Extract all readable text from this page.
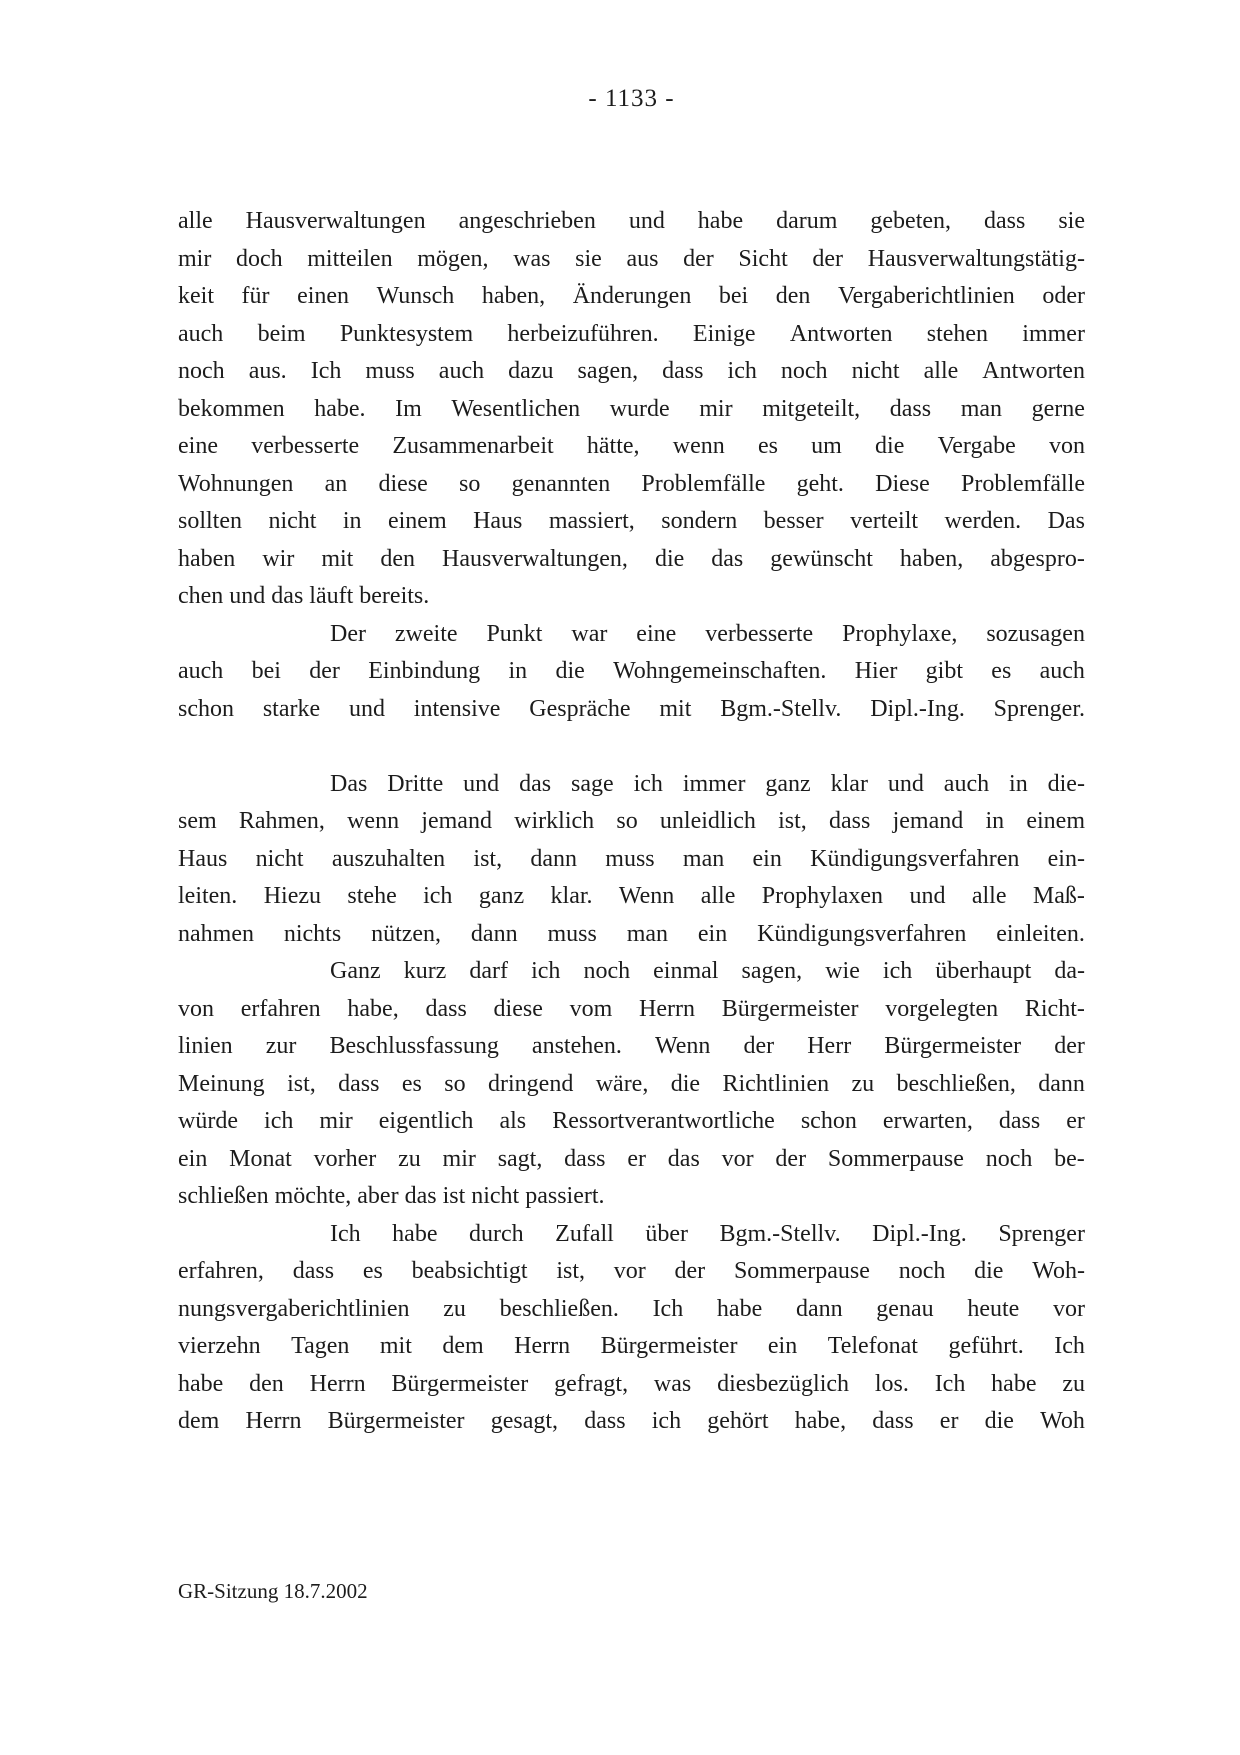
- 1133 -
alle Hausverwaltungen angeschrieben und habe darum gebeten, dass sie
mir doch mitteilen mögen, was sie aus der Sicht der Hausverwaltungstätig-
keit für einen Wunsch haben, Änderungen bei den Vergaberichtlinien oder
auch beim Punktesystem herbeizuführen. Einige Antworten stehen immer
noch aus. Ich muss auch dazu sagen, dass ich noch nicht alle Antworten
bekommen habe. Im Wesentlichen wurde mir mitgeteilt, dass man gerne
eine verbesserte Zusammenarbeit hätte, wenn es um die Vergabe von
Wohnungen an diese so genannten Problemfälle geht. Diese Problemfälle
sollten nicht in einem Haus massiert, sondern besser verteilt werden. Das
haben wir mit den Hausverwaltungen, die das gewünscht haben, abgespro-
chen und das läuft bereits.
Der zweite Punkt war eine verbesserte Prophylaxe, sozusagen
auch bei der Einbindung in die Wohngemeinschaften. Hier gibt es auch
schon starke und intensive Gespräche mit Bgm.-Stellv. Dipl.-Ing. Sprenger.
Das Dritte und das sage ich immer ganz klar und auch in die-
sem Rahmen, wenn jemand wirklich so unleidlich ist, dass jemand in einem
Haus nicht auszuhalten ist, dann muss man ein Kündigungsverfahren ein-
leiten. Hiezu stehe ich ganz klar. Wenn alle Prophylaxen und alle Maß-
nahmen nichts nützen, dann muss man ein Kündigungsverfahren einleiten.
Ganz kurz darf ich noch einmal sagen, wie ich überhaupt da-
von erfahren habe, dass diese vom Herrn Bürgermeister vorgelegten Richt-
linien zur Beschlussfassung anstehen. Wenn der Herr Bürgermeister der
Meinung ist, dass es so dringend wäre, die Richtlinien zu beschließen, dann
würde ich mir eigentlich als Ressortverantwortliche schon erwarten, dass er
ein Monat vorher zu mir sagt, dass er das vor der Sommerpause noch be-
schließen möchte, aber das ist nicht passiert.
Ich habe durch Zufall über Bgm.-Stellv. Dipl.-Ing. Sprenger
erfahren, dass es beabsichtigt ist, vor der Sommerpause noch die Woh-
nungsvergaberichtlinien zu beschließen. Ich habe dann genau heute vor
vierzehn Tagen mit dem Herrn Bürgermeister ein Telefonat geführt. Ich
habe den Herrn Bürgermeister gefragt, was diesbezüglich los. Ich habe zu
dem Herrn Bürgermeister gesagt, dass ich gehört habe, dass er die Woh
GR-Sitzung 18.7.2002
